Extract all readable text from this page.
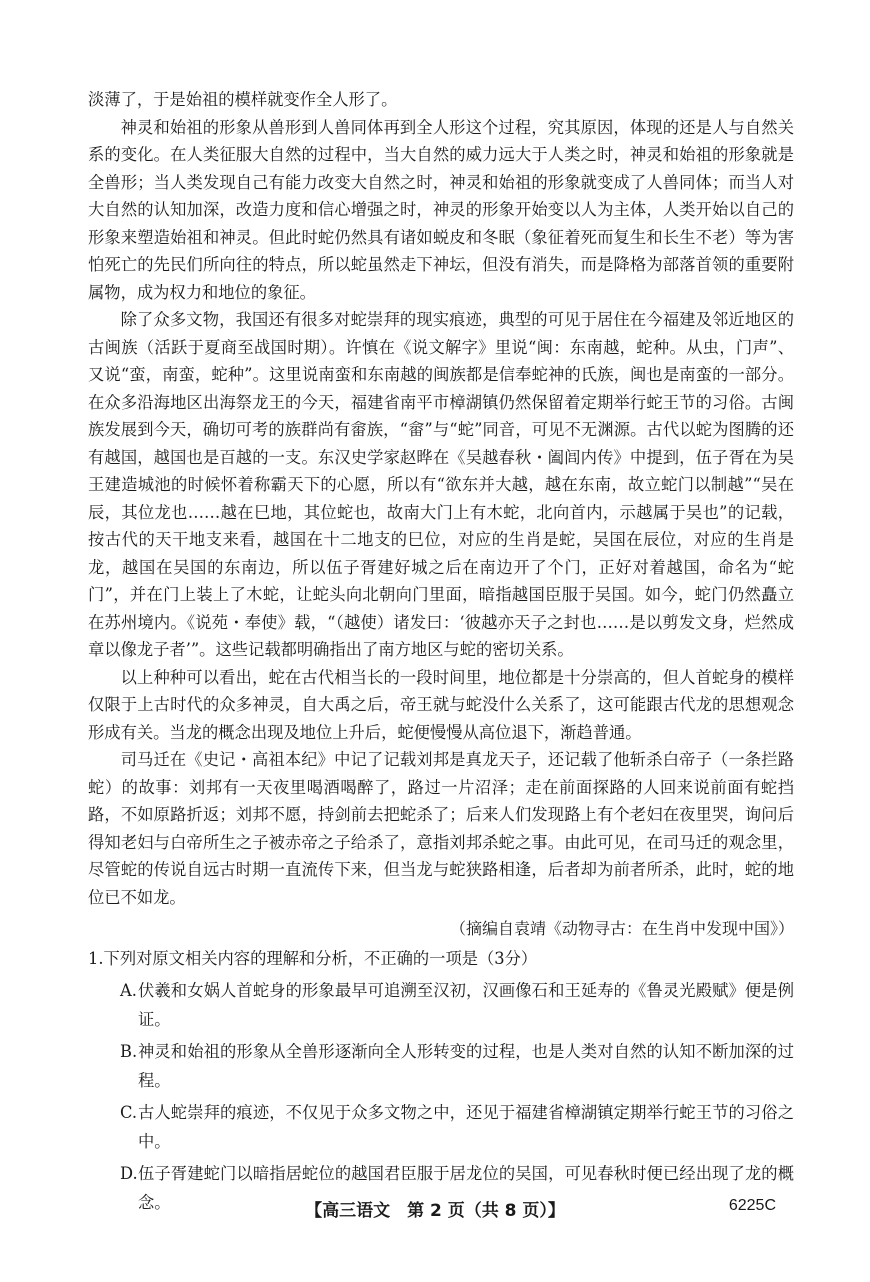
淡薄了，于是始祖的模样就变作全人形了。

神灵和始祖的形象从兽形到人兽同体再到全人形这个过程，究其原因，体现的还是人与自然关系的变化。在人类征服大自然的过程中，当大自然的威力远大于人类之时，神灵和始祖的形象就是全兽形；当人类发现自己有能力改变大自然之时，神灵和始祖的形象就变成了人兽同体；而当人对大自然的认知加深，改造力度和信心增强之时，神灵的形象开始变以人为主体，人类开始以自己的形象来塑造始祖和神灵。但此时蛇仍然具有诸如蜕皮和冬眠（象征着死而复生和长生不老）等为害怕死亡的先民们所向往的特点，所以蛇虽然走下神坛，但没有消失，而是降格为部落首领的重要附属物，成为权力和地位的象征。

除了众多文物，我国还有很多对蛇崇拜的现实痕迹，典型的可见于居住在今福建及邻近地区的古闽族（活跃于夏商至战国时期）。许慎在《说文解字》里说“闽：东南越，蛇种。从虫，门声”、又说“蛮，南蛮，蛇种”。这里说南蛮和东南越的闽族都是信奉蛇神的氏族，闽也是南蛮的一部分。在众多沿海地区出海祭龙王的今天，福建省南平市樟湖镇仍然保留着定期举行蛇王节的习俗。古闽族发展到今天，确切可考的族群尚有畲族，“畲”与“蛇”同音，可见不无渊源。古代以蛇为图腾的还有越国，越国也是百越的一支。东汉史学家赵晔在《吴越春秋・阖闾内传》中提到，伍子胥在为吴王建造城池的时候怀着称霸天下的心愿，所以有“欲东并大越，越在东南，故立蛇门以制越”“吴在辰，其位龙也……越在巳地，其位蛇也，故南大门上有木蛇，北向首内，示越属于吴也”的记载，按古代的天干地支来看，越国在十二地支的巳位，对应的生肖是蛇，吴国在辰位，对应的生肖是龙，越国在吴国的东南边，所以伍子胥建好城之后在南边开了个门，正好对着越国，命名为“蛇门”，并在门上装上了木蛇，让蛇头向北朝向门里面，暗指越国臣服于吴国。如今，蛇门仍然矗立在苏州境内。《说苑・奉使》载，“（越使）诸发曰：‘彼越亦天子之封也……是以剪发文身，烂然成章以像龙子者’”。这些记载都明确指出了南方地区与蛇的密切关系。

以上种种可以看出，蛇在古代相当长的一段时间里，地位都是十分崇高的，但人首蛇身的模样仅限于上古时代的众多神灵，自大禹之后，帝王就与蛇没什么关系了，这可能跟古代龙的思想观念形成有关。当龙的概念出现及地位上升后，蛇便慢慢从高位退下，渐趋普通。

司马迁在《史记・高祖本纪》中记了记载刘邦是真龙天子，还记载了他斩杀白帝子（一条拦路蛇）的故事：刘邦有一天夜里喝酒喝醉了，路过一片沼泽；走在前面探路的人回来说前面有蛇挡路，不如原路折返；刘邦不愿，持剑前去把蛇杀了；后来人们发现路上有个老妇在夜里哭，询问后得知老妇与白帝所生之子被赤帝之子给杀了，意指刘邦杀蛇之事。由此可见，在司马迁的观念里，尽管蛇的传说自远古时期一直流传下来，但当龙与蛇狭路相逢，后者却为前者所杀，此时，蛇的地位已不如龙。

（摘编自袁靖《动物寻古：在生肖中发现中国》）

1.下列对原文相关内容的理解和分析，不正确的一项是（3分）

A. 伏羲和女娲人首蛇身的形象最早可追溯至汉初，汉画像石和王延寿的《鲁灵光殿赋》便是例证。
B. 神灵和始祖的形象从全兽形逐渐向全人形转变的过程，也是人类对自然的认知不断加深的过程。
C. 古人蛇崇拜的痕迹，不仅见于众多文物之中，还见于福建省樟湖镇定期举行蛇王节的习俗之中。
D. 伍子胥建蛇门以暗指居蛇位的越国君臣服于居龙位的吴国，可见春秋时便已经出现了龙的概念。	【高三语文　第 2 页（共 8 页）】	6225C
